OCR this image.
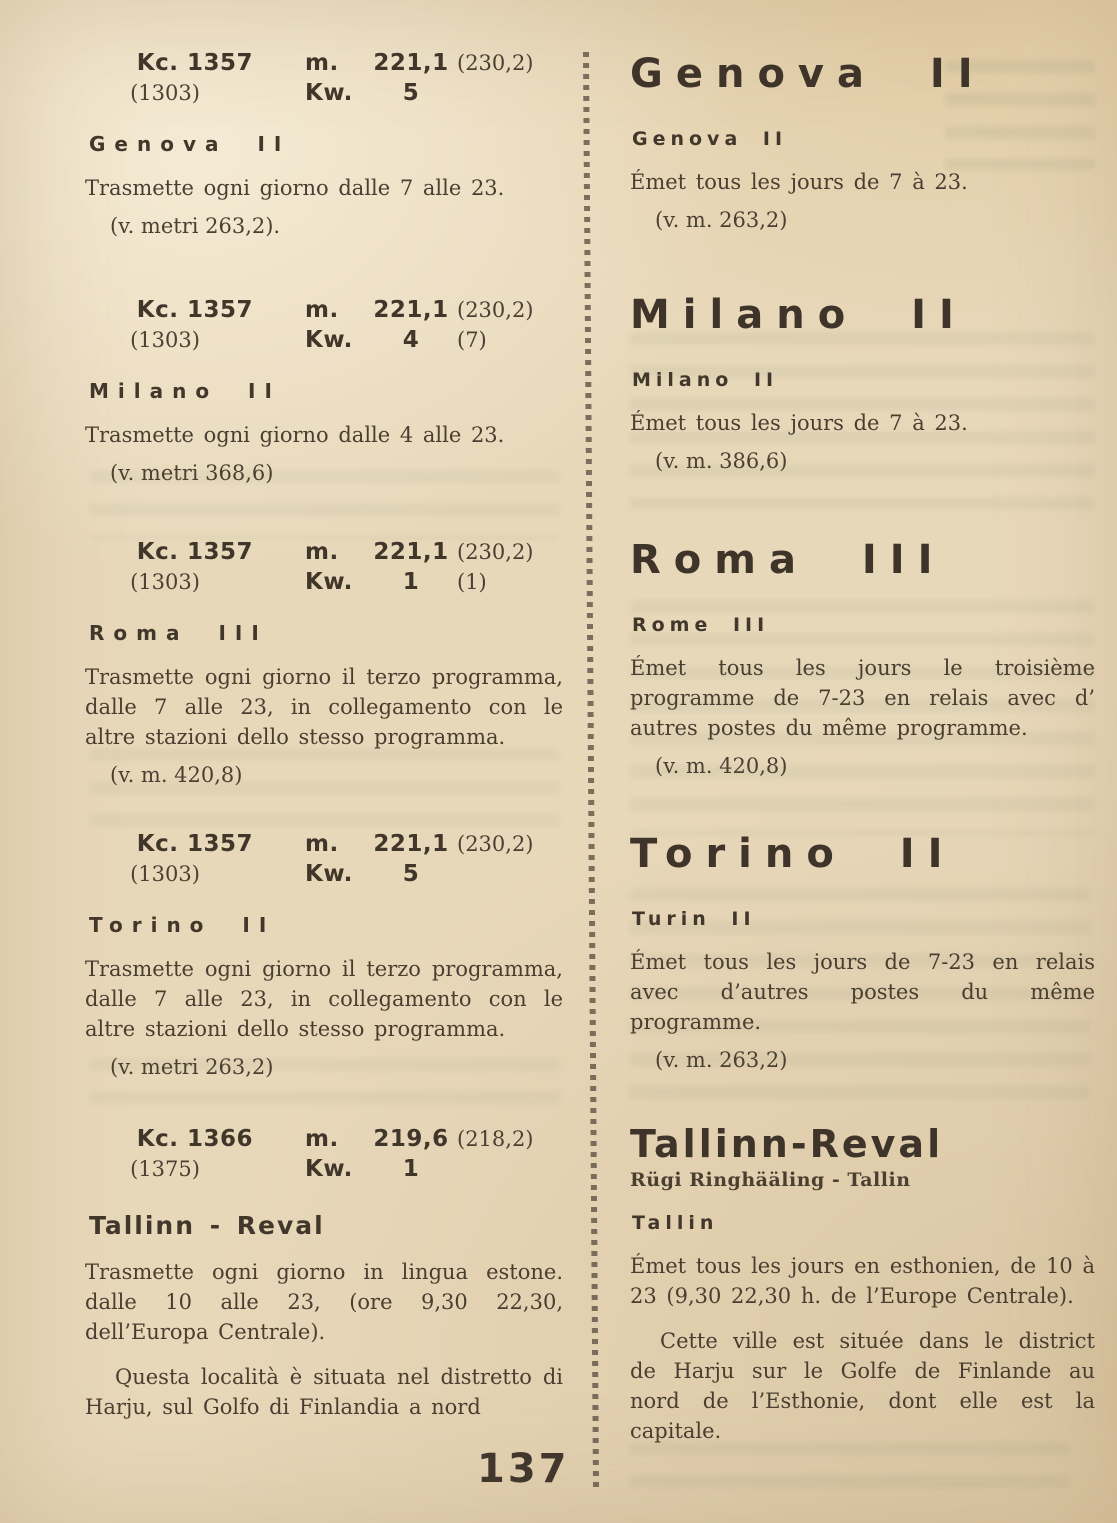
Kc. 1357	m.	221,1 (230,2)
(1303)	Kw.	5
Genova II

Trasmette ogni giorno dalle 7 alle 23.

(v. metri 263,2).

Kc. 1357	m.	221,1 (230,2)
(1303)	Kw.	4	(7)
Milano II

Trasmette ogni giorno dalle 4 alle 23.

(v. metri 368,6)

Kc. 1357	m.	221,1 (230,2)
(1303)	Kw.	1	(1)
Roma III

Trasmette ogni giorno il terzo programma, dalle 7 alle 23, in collegamento con le altre stazioni dello stesso programma.

(v. m. 420,8)

Kc. 1357	m.	221,1 (230,2)
(1303)	Kw.	5
Torino II

Trasmette ogni giorno il terzo programma, dalle 7 alle 23, in collegamento con le altre stazioni dello stesso programma.

(v. metri 263,2)

Kc. 1366	m.	219,6 (218,2)
(1375)	Kw.	1
Tallinn - Reval

Trasmette ogni giorno in lingua estone. dalle 10 alle 23, (ore 9,30 22,30, dell’Europa Centrale).

Questa località è situata nel distretto di Harju, sul Golfo di Finlandia a nord

Genova II
Genova II

Émet tous les jours de 7 à 23.

(v. m. 263,2)

Milano II
Milano II

Émet tous les jours de 7 à 23.

(v. m. 386,6)

Roma III
Rome III

Émet tous les jours le troisième programme de 7-23 en relais avec d’ autres postes du même programme.

(v. m. 420,8)

Torino II
Turin II

Émet tous les jours de 7-23 en relais avec d’autres postes du même programme.

(v. m. 263,2)

Tallinn-Reval
Rügi Ringhääling - Tallin
Tallin

Émet tous les jours en esthonien, de 10 à 23 (9,30 22,30 h. de l’Europe Centrale).

Cette ville est située dans le district de Harju sur le Golfe de Finlande au nord de l’Esthonie, dont elle est la capitale.

137
